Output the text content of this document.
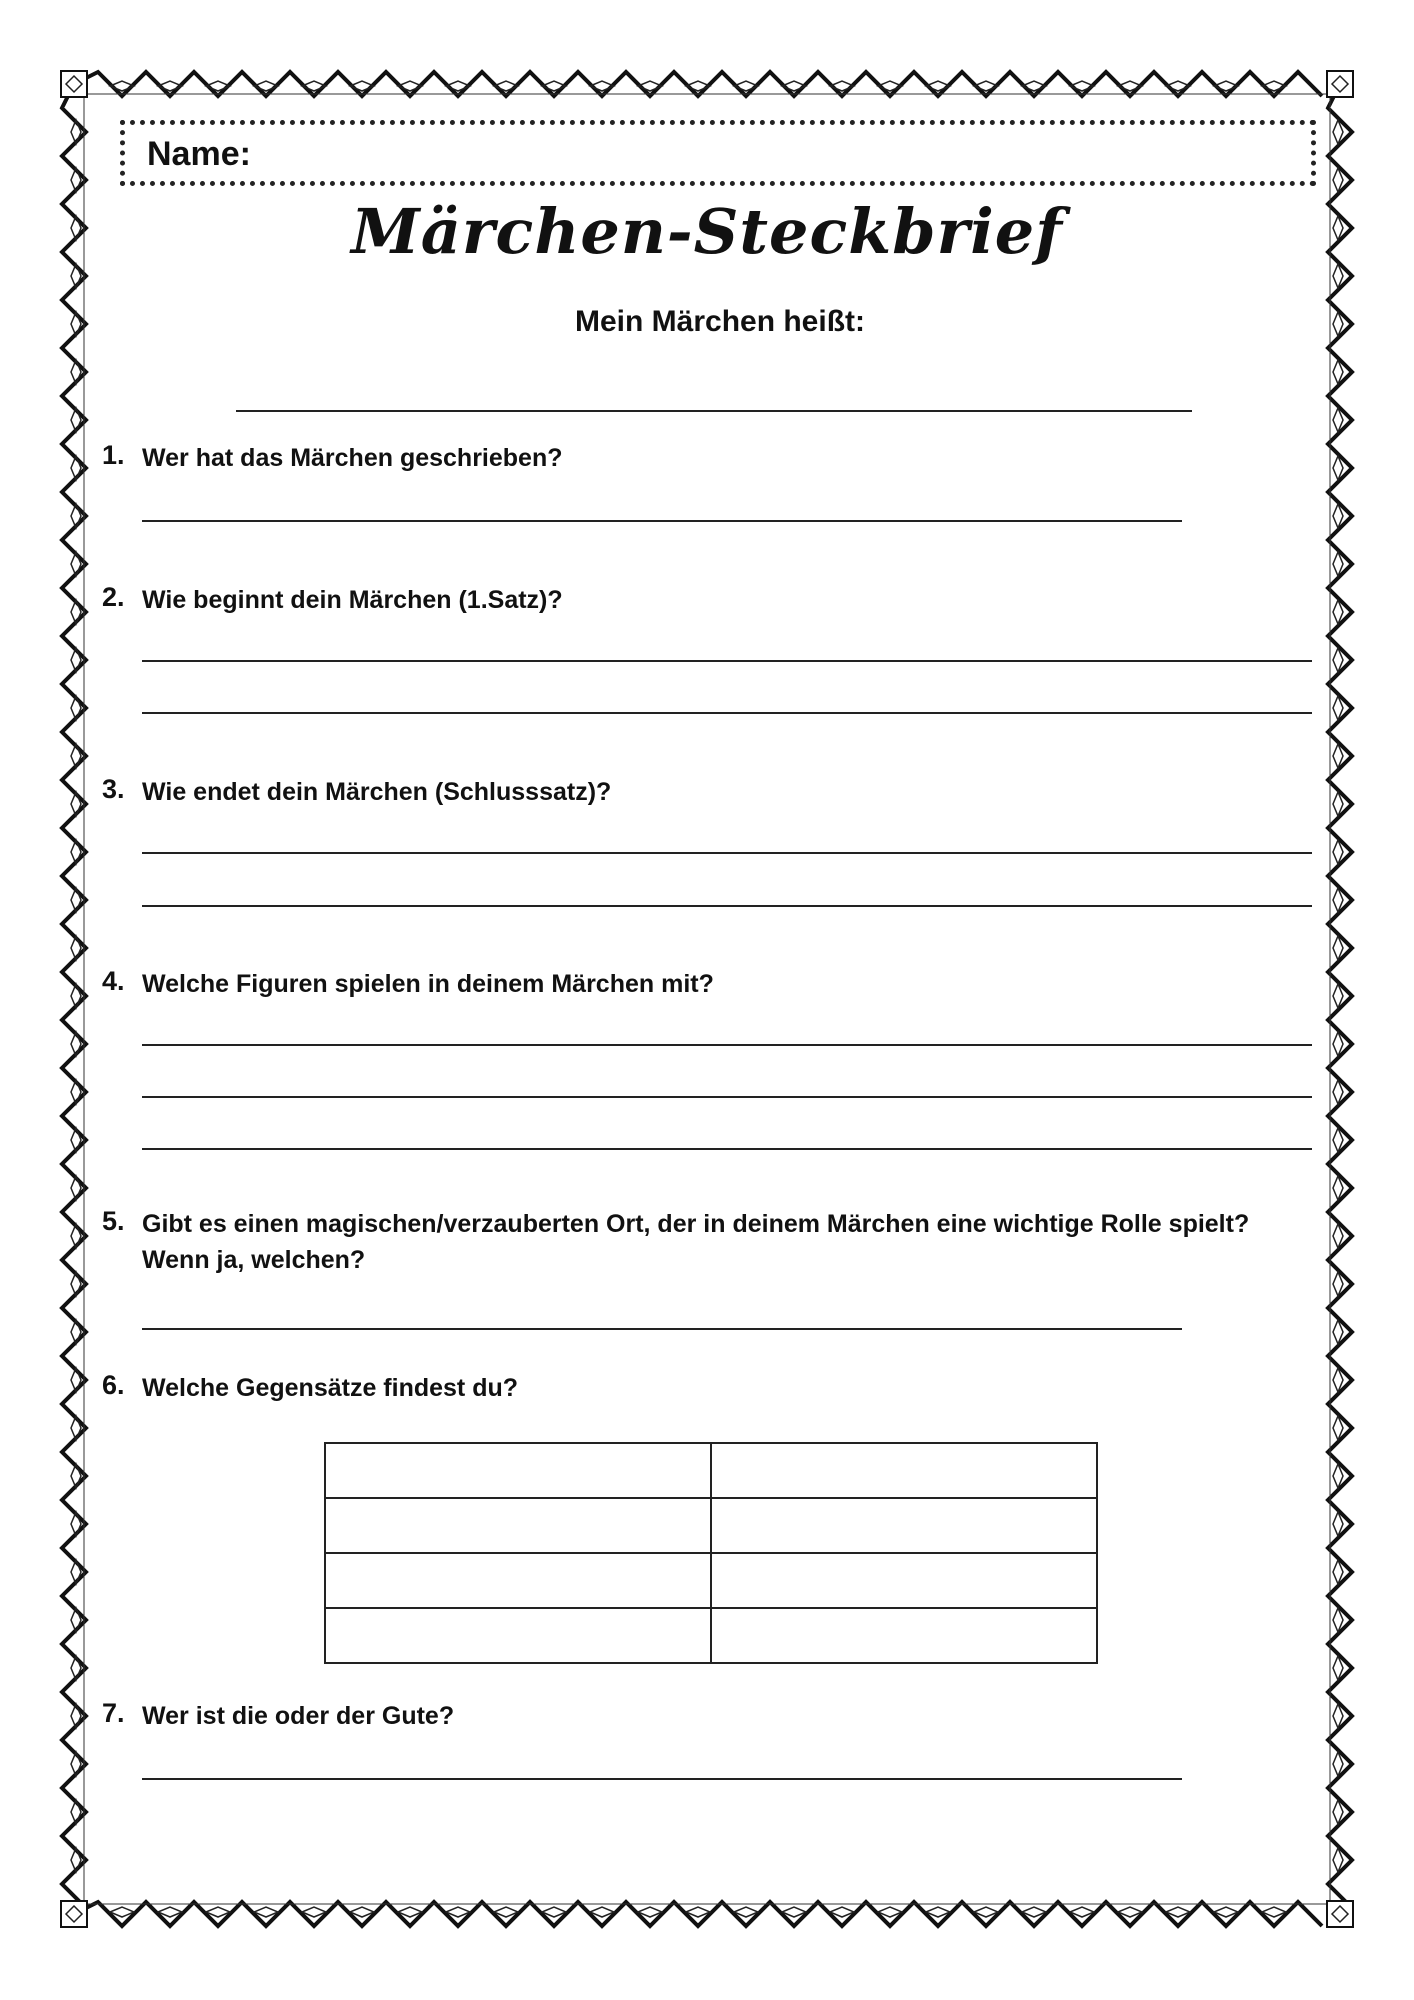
Name:
Märchen-Steckbrief
Mein Märchen heißt:
1. Wer hat das Märchen geschrieben?
2. Wie beginnt dein Märchen (1.Satz)?
3. Wie endet dein Märchen (Schlusssatz)?
4. Welche Figuren spielen in deinem Märchen mit?
5. Gibt es einen magischen/verzauberten Ort, der in deinem Märchen eine wichtige Rolle spielt? Wenn ja, welchen?
6. Welche Gegensätze findest du?

7. Wer ist die oder der Gute?
